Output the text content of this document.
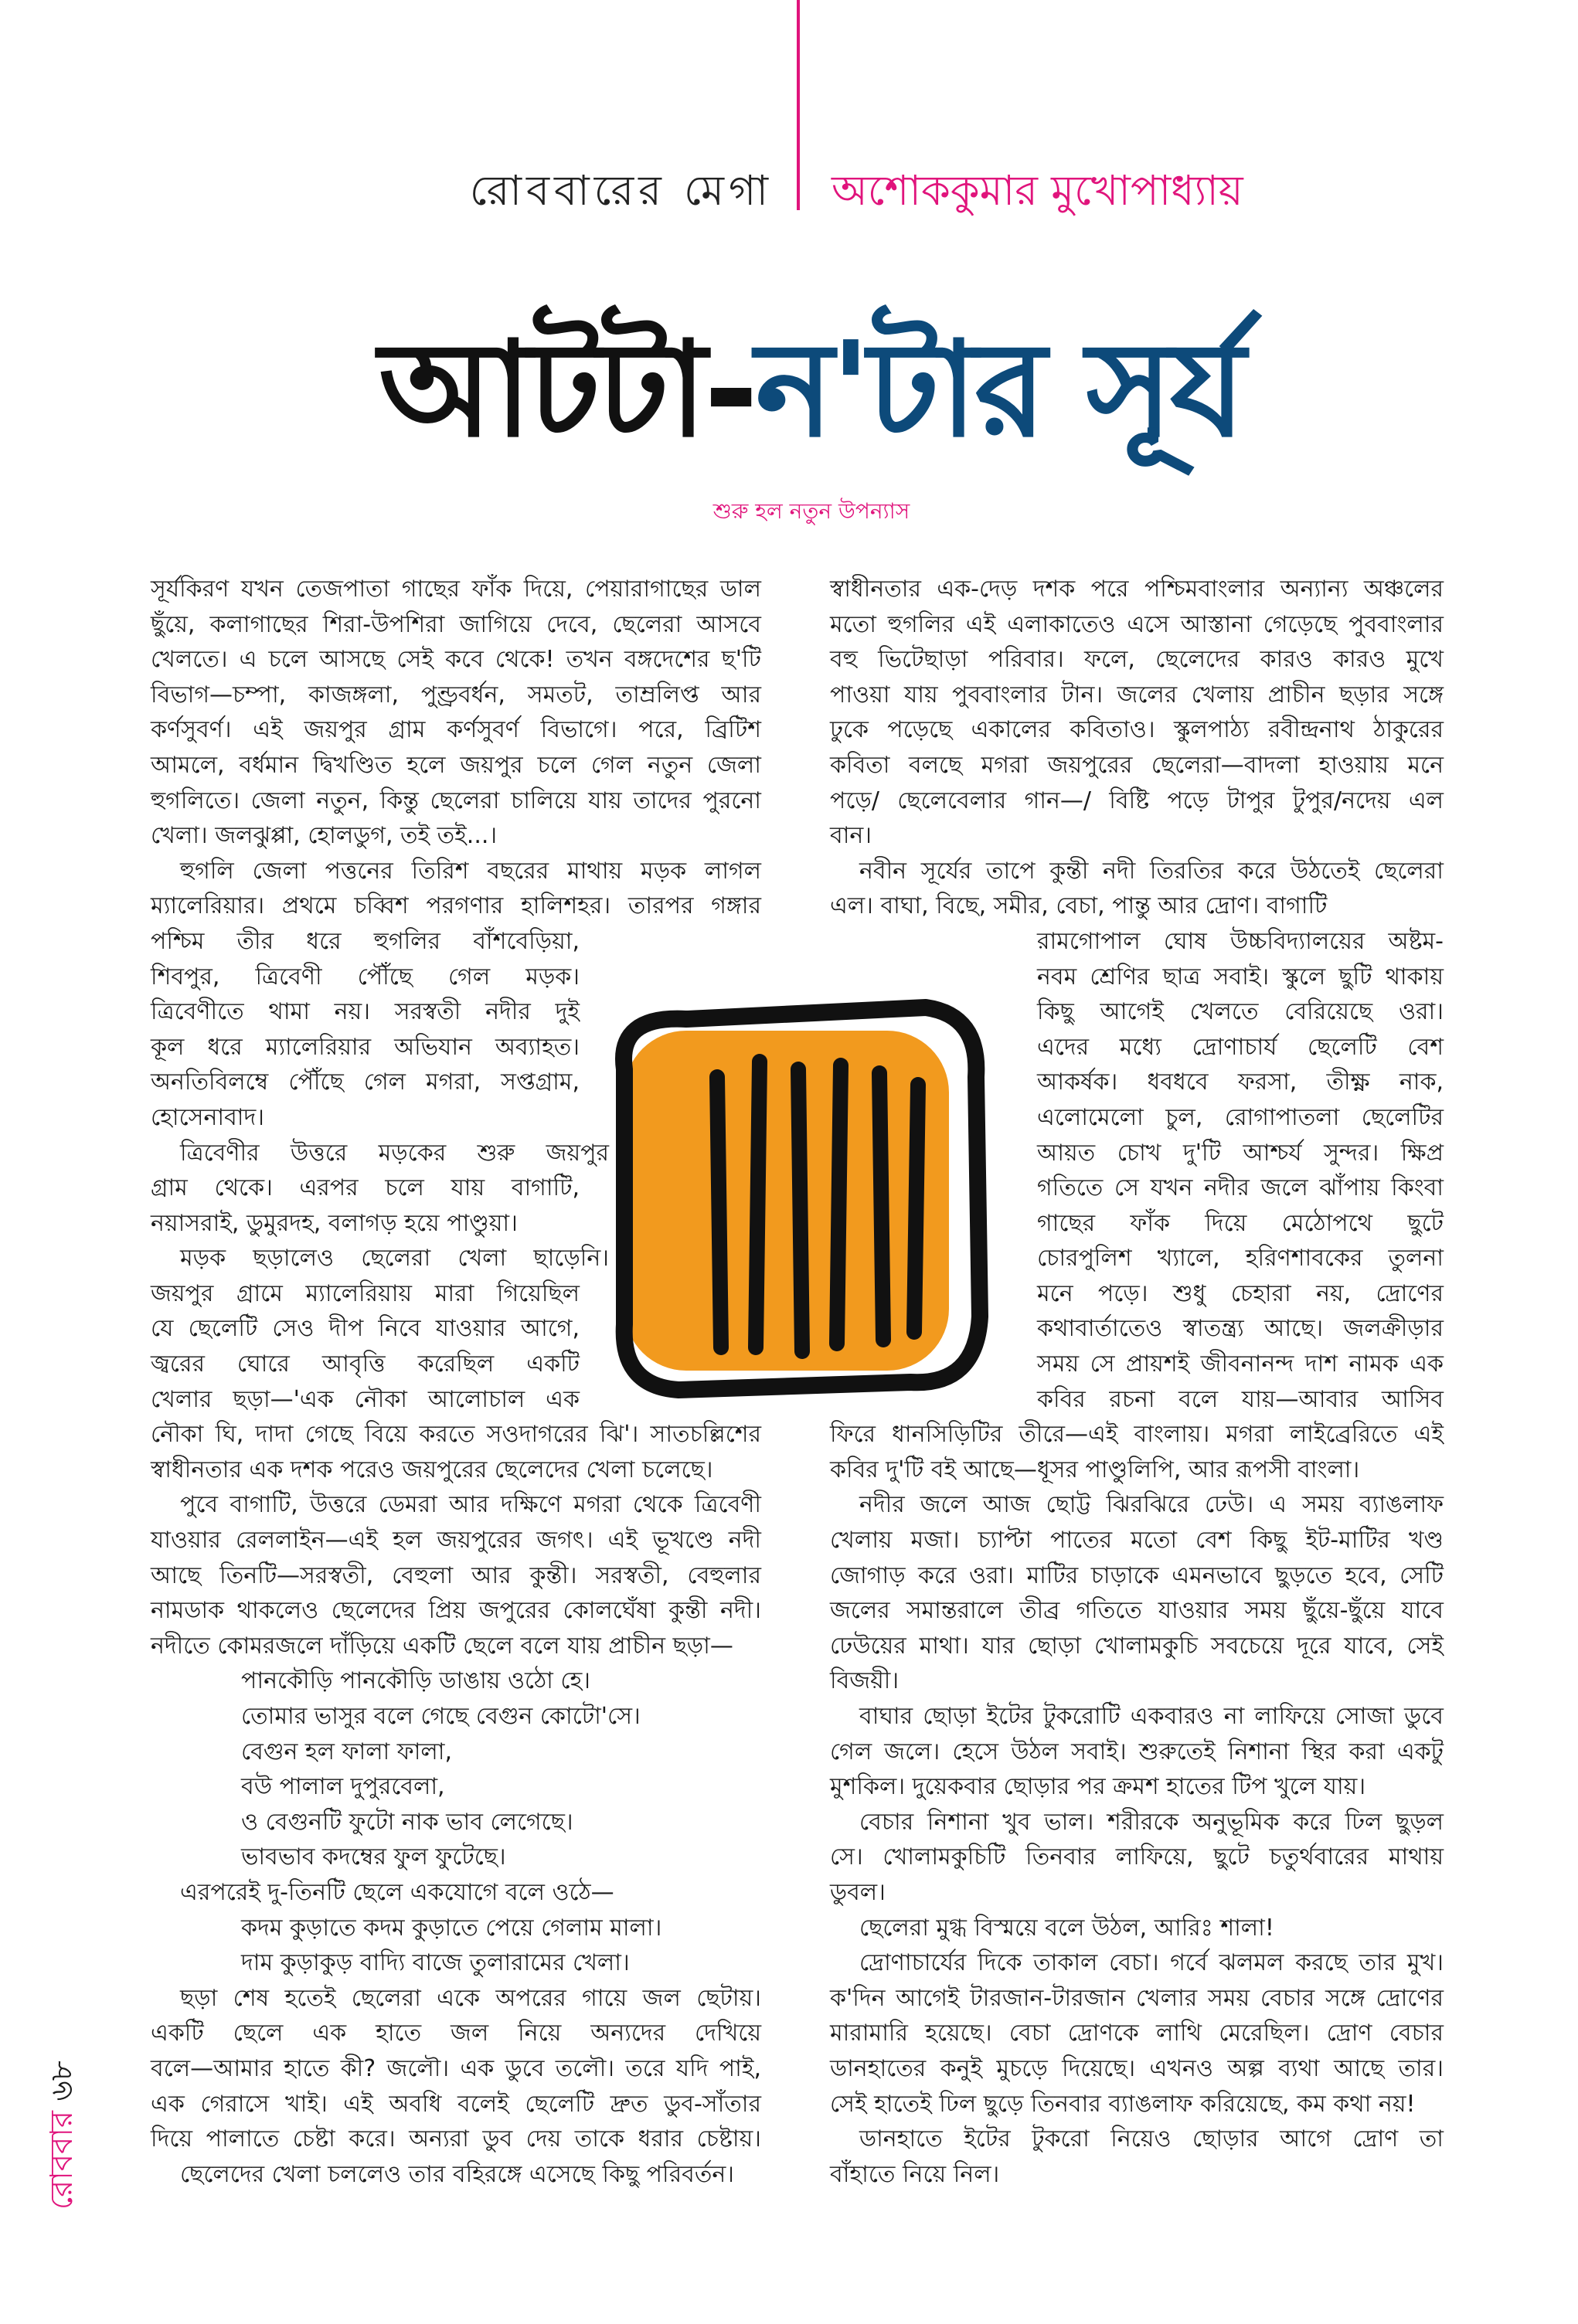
রোববারের মেগা অশোককুমার মুখোপাধ্যায়
আটটা-ন'টার সূর্য
শুরু হল নতুন উপন্যাস
সূর্যকিরণ যখন তেজপাতা গাছের ফাঁক দিয়ে, পেয়ারাগাছের ডাল
ছুঁয়ে, কলাগাছের শিরা-উপশিরা জাগিয়ে দেবে, ছেলেরা আসবে
খেলতে। এ চলে আসছে সেই কবে থেকে! তখন বঙ্গদেশের ছ'টি
বিভাগ—চম্পা, কাজঙ্গলা, পুণ্ড্রবর্ধন, সমতট, তাম্রলিপ্ত আর
কর্ণসুবর্ণ। এই জয়পুর গ্রাম কর্ণসুবর্ণ বিভাগে। পরে, ব্রিটিশ
আমলে, বর্ধমান দ্বিখণ্ডিত হলে জয়পুর চলে গেল নতুন জেলা
হুগলিতে। জেলা নতুন, কিন্তু ছেলেরা চালিয়ে যায় তাদের পুরনো
খেলা। জলঝুপ্পা, হোলডুগ, তই তই...।
হুগলি জেলা পত্তনের তিরিশ বছরের মাথায় মড়ক লাগল
ম্যালেরিয়ার। প্রথমে চব্বিশ পরগণার হালিশহর। তারপর গঙ্গার
পশ্চিম তীর ধরে হুগলির বাঁশবেড়িয়া,
শিবপুর, ত্রিবেণী পৌঁছে গেল মড়ক।
ত্রিবেণীতে থামা নয়। সরস্বতী নদীর দুই
কূল ধরে ম্যালেরিয়ার অভিযান অব্যাহত।
অনতিবিলম্বে পৌঁছে গেল মগরা, সপ্তগ্রাম,
হোসেনাবাদ।
ত্রিবেণীর উত্তরে মড়কের শুরু জয়পুর
গ্রাম থেকে। এরপর চলে যায় বাগাটি,
নয়াসরাই, ডুমুরদহ, বলাগড় হয়ে পাণ্ডুয়া।
মড়ক ছড়ালেও ছেলেরা খেলা ছাড়েনি।
জয়পুর গ্রামে ম্যালেরিয়ায় মারা গিয়েছিল
যে ছেলেটি সেও দীপ নিবে যাওয়ার আগে,
জ্বরের ঘোরে আবৃত্তি করেছিল একটি
খেলার ছড়া—'এক নৌকা আলোচাল এক
নৌকা ঘি, দাদা গেছে বিয়ে করতে সওদাগরের ঝি'। সাতচল্লিশের
স্বাধীনতার এক দশক পরেও জয়পুরের ছেলেদের খেলা চলেছে।
পুবে বাগাটি, উত্তরে ডেমরা আর দক্ষিণে মগরা থেকে ত্রিবেণী
যাওয়ার রেললাইন—এই হল জয়পুরের জগৎ। এই ভূখণ্ডে নদী
আছে তিনটি—সরস্বতী, বেহুলা আর কুন্তী। সরস্বতী, বেহুলার
নামডাক থাকলেও ছেলেদের প্রিয় জপুরের কোলঘেঁষা কুন্তী নদী।
নদীতে কোমরজলে দাঁড়িয়ে একটি ছেলে বলে যায় প্রাচীন ছড়া—
পানকৌড়ি পানকৌড়ি ডাঙায় ওঠো হে।
তোমার ভাসুর বলে গেছে বেগুন কোটো'সে।
বেগুন হল ফালা ফালা,
বউ পালাল দুপুরবেলা,
ও বেগুনটি ফুটো নাক ভাব লেগেছে।
ভাবভাব কদম্বের ফুল ফুটেছে।
এরপরেই দু-তিনটি ছেলে একযোগে বলে ওঠে—
কদম কুড়াতে কদম কুড়াতে পেয়ে গেলাম মালা।
দাম কুড়াকুড় বাদ্যি বাজে তুলারামের খেলা।
ছড়া শেষ হতেই ছেলেরা একে অপরের গায়ে জল ছেটায়।
একটি ছেলে এক হাতে জল নিয়ে অন্যদের দেখিয়ে
বলে—আমার হাতে কী? জলৌ। এক ডুবে তলৌ। তরে যদি পাই,
এক গেরাসে খাই। এই অবধি বলেই ছেলেটি দ্রুত ডুব-সাঁতার
দিয়ে পালাতে চেষ্টা করে। অন্যরা ডুব দেয় তাকে ধরার চেষ্টায়।
ছেলেদের খেলা চললেও তার বহিরঙ্গে এসেছে কিছু পরিবর্তন।
স্বাধীনতার এক-দেড় দশক পরে পশ্চিমবাংলার অন্যান্য অঞ্চলের
মতো হুগলির এই এলাকাতেও এসে আস্তানা গেড়েছে পুববাংলার
বহু ভিটেছাড়া পরিবার। ফলে, ছেলেদের কারও কারও মুখে
পাওয়া যায় পুববাংলার টান। জলের খেলায় প্রাচীন ছড়ার সঙ্গে
ঢুকে পড়েছে একালের কবিতাও। স্কুলপাঠ্য রবীন্দ্রনাথ ঠাকুরের
কবিতা বলছে মগরা জয়পুরের ছেলেরা—বাদলা হাওয়ায় মনে
পড়ে/ ছেলেবেলার গান—/ বিষ্টি পড়ে টাপুর টুপুর/নদেয় এল
বান।
নবীন সূর্যের তাপে কুন্তী নদী তিরতির করে উঠতেই ছেলেরা
এল। বাঘা, বিছে, সমীর, বেচা, পান্তু আর দ্রোণ। বাগাটি
রামগোপাল ঘোষ উচ্চবিদ্যালয়ের অষ্টম-
নবম শ্রেণির ছাত্র সবাই। স্কুলে ছুটি থাকায়
কিছু আগেই খেলতে বেরিয়েছে ওরা।
এদের মধ্যে দ্রোণাচার্য ছেলেটি বেশ
আকর্ষক। ধবধবে ফরসা, তীক্ষ্ণ নাক,
এলোমেলো চুল, রোগাপাতলা ছেলেটির
আয়ত চোখ দু'টি আশ্চর্য সুন্দর। ক্ষিপ্র
গতিতে সে যখন নদীর জলে ঝাঁপায় কিংবা
গাছের ফাঁক দিয়ে মেঠোপথে ছুটে
চোরপুলিশ খ্যালে, হরিণশাবকের তুলনা
মনে পড়ে। শুধু চেহারা নয়, দ্রোণের
কথাবার্তাতেও স্বাতন্ত্র্য আছে। জলক্রীড়ার
সময় সে প্রায়শই জীবনানন্দ দাশ নামক এক
কবির রচনা বলে যায়—আবার আসিব
ফিরে ধানসিড়িটির তীরে—এই বাংলায়। মগরা লাইব্রেরিতে এই
কবির দু'টি বই আছে—ধূসর পাণ্ডুলিপি, আর রূপসী বাংলা।
নদীর জলে আজ ছোট্ট ঝিরঝিরে ঢেউ। এ সময় ব্যাঙলাফ
খেলায় মজা। চ্যাপ্টা পাতের মতো বেশ কিছু ইট-মাটির খণ্ড
জোগাড় করে ওরা। মাটির চাড়াকে এমনভাবে ছুড়তে হবে, সেটি
জলের সমান্তরালে তীব্র গতিতে যাওয়ার সময় ছুঁয়ে-ছুঁয়ে যাবে
ঢেউয়ের মাথা। যার ছোড়া খোলামকুচি সবচেয়ে দূরে যাবে, সেই
বিজয়ী।
বাঘার ছোড়া ইটের টুকরোটি একবারও না লাফিয়ে সোজা ডুবে
গেল জলে। হেসে উঠল সবাই। শুরুতেই নিশানা স্থির করা একটু
মুশকিল। দুয়েকবার ছোড়ার পর ক্রমশ হাতের টিপ খুলে যায়।
বেচার নিশানা খুব ভাল। শরীরকে অনুভূমিক করে ঢিল ছুড়ল
সে। খোলামকুচিটি তিনবার লাফিয়ে, ছুটে চতুর্থবারের মাথায়
ডুবল।
ছেলেরা মুগ্ধ বিস্ময়ে বলে উঠল, আরিঃ শালা!
দ্রোণাচার্যের দিকে তাকাল বেচা। গর্বে ঝলমল করছে তার মুখ।
ক'দিন আগেই টারজান-টারজান খেলার সময় বেচার সঙ্গে দ্রোণের
মারামারি হয়েছে। বেচা দ্রোণকে লাথি মেরেছিল। দ্রোণ বেচার
ডানহাতের কনুই মুচড়ে দিয়েছে। এখনও অল্প ব্যথা আছে তার।
সেই হাতেই ঢিল ছুড়ে তিনবার ব্যাঙলাফ করিয়েছে, কম কথা নয়!
ডানহাতে ইটের টুকরো নিয়েও ছোড়ার আগে দ্রোণ তা
বাঁহাতে নিয়ে নিল।
রোববার ৬৮
